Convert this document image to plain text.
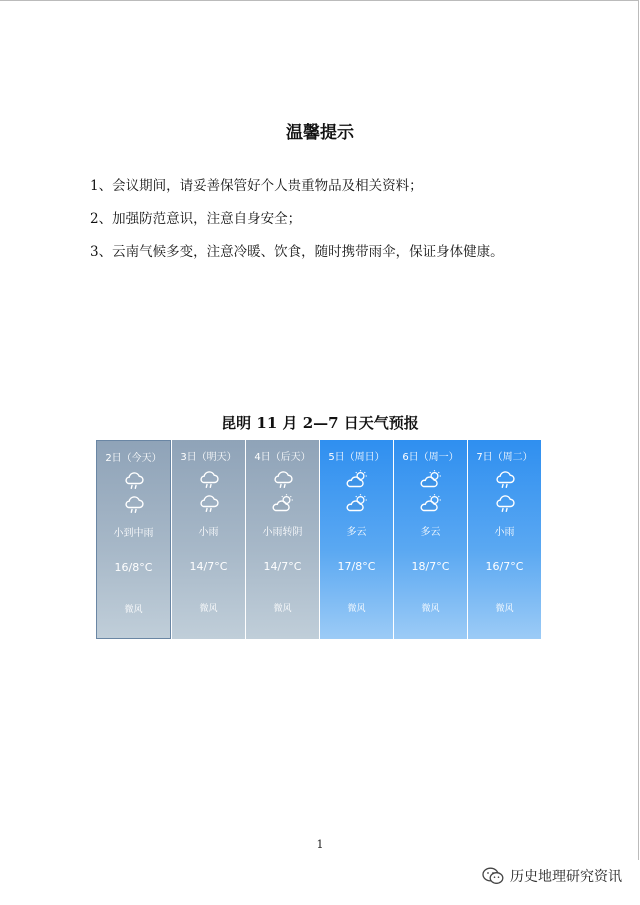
温馨提示
1、会议期间，请妥善保管好个人贵重物品及相关资料；
2、加强防范意识，注意自身安全；
3、云南气候多变，注意冷暖、饮食，随时携带雨伞，保证身体健康。
昆明 11 月 2—7 日天气预报
2日（今天）
小到中雨
16/8°C
微风
3日（明天）
小雨
14/7°C
微风
4日（后天）
小雨转阴
14/7°C
微风
5日（周日）
多云
17/8°C
微风
6日（周一）
多云
18/7°C
微风
7日（周二）
小雨
16/7°C
微风
1
历史地理研究资讯
